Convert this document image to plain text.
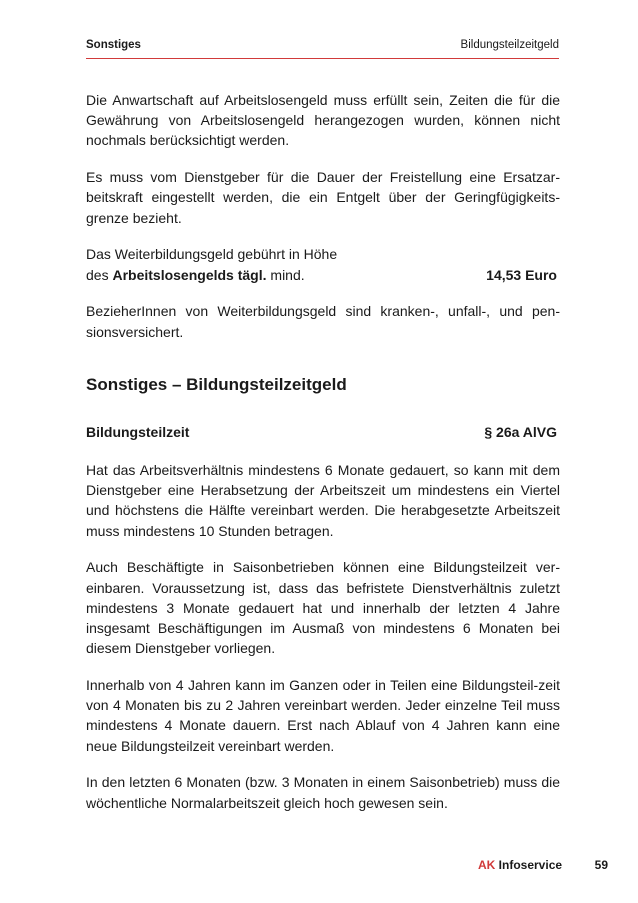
Sonstiges	Bildungsteilzeitgeld

Die Anwartschaft auf Arbeitslosengeld muss erfüllt sein, Zeiten die für die Gewährung von Arbeitslosengeld herangezogen wurden, können nicht nochmals berücksichtigt werden.

Es muss vom Dienstgeber für die Dauer der Freistellung eine Ersatzar-beitskraft eingestellt werden, die ein Entgelt über der Geringfügigkeits-grenze bezieht.

Das Weiterbildungsgeld gebührt in Höhe

des Arbeitslosengelds tägl. mind.	14,53 Euro

BezieherInnen von Weiterbildungsgeld sind kranken-, unfall-, und pen-sionsversichert.

Sonstiges – Bildungsteilzeitgeld
Bildungsteilzeit	§ 26a AlVG

Hat das Arbeitsverhältnis mindestens 6 Monate gedauert, so kann mit dem Dienstgeber eine Herabsetzung der Arbeitszeit um mindestens ein Viertel und höchstens die Hälfte vereinbart werden. Die herabgesetzte Arbeitszeit muss mindestens 10 Stunden betragen.

Auch Beschäftigte in Saisonbetrieben können eine Bildungsteilzeit ver-einbaren. Voraussetzung ist, dass das befristete Dienstverhältnis zuletzt mindestens 3 Monate gedauert hat und innerhalb der letzten 4 Jahre insgesamt Beschäftigungen im Ausmaß von mindestens 6 Monaten bei diesem Dienstgeber vorliegen.

Innerhalb von 4 Jahren kann im Ganzen oder in Teilen eine Bildungsteil-zeit von 4 Monaten bis zu 2 Jahren vereinbart werden. Jeder einzelne Teil muss mindestens 4 Monate dauern. Erst nach Ablauf von 4 Jahren kann eine neue Bildungsteilzeit vereinbart werden.

In den letzten 6 Monaten (bzw. 3 Monaten in einem Saisonbetrieb) muss die wöchentliche Normalarbeitszeit gleich hoch gewesen sein.

AK Infoservice	59
